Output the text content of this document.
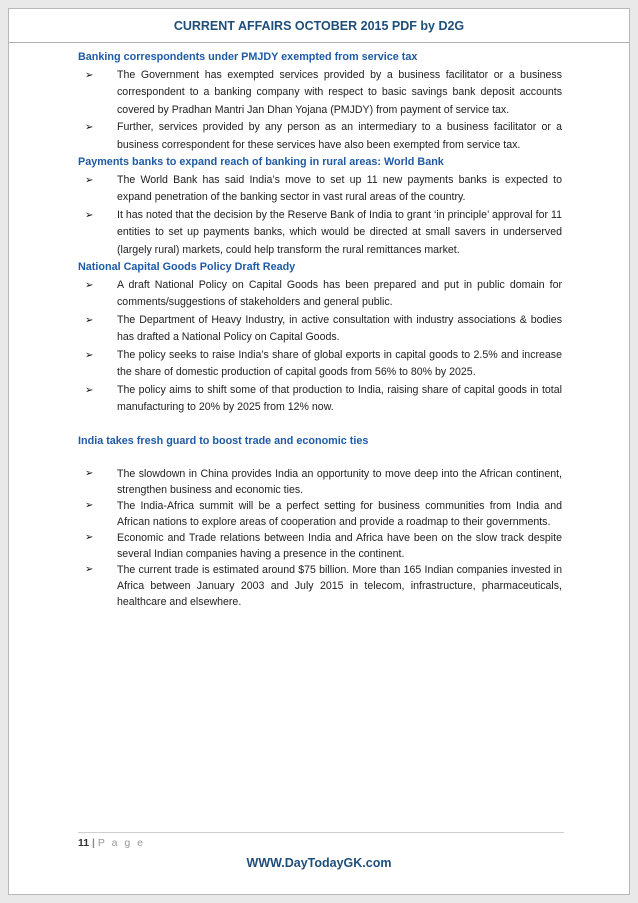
CURRENT AFFAIRS OCTOBER 2015 PDF by D2G
Banking correspondents under PMJDY exempted from service tax
➢ The Government has exempted services provided by a business facilitator or a business correspondent to a banking company with respect to basic savings bank deposit accounts covered by Pradhan Mantri Jan Dhan Yojana (PMJDY) from payment of service tax.
➢ Further, services provided by any person as an intermediary to a business facilitator or a business correspondent for these services have also been exempted from service tax.
Payments banks to expand reach of banking in rural areas: World Bank
➢ The World Bank has said India’s move to set up 11 new payments banks is expected to expand penetration of the banking sector in vast rural areas of the country.
➢ It has noted that the decision by the Reserve Bank of India to grant ‘in principle’ approval for 11 entities to set up payments banks, which would be directed at small savers in underserved (largely rural) markets, could help transform the rural remittances market.
National Capital Goods Policy Draft Ready
➢ A draft National Policy on Capital Goods has been prepared and put in public domain for comments/suggestions of stakeholders and general public.
➢ The Department of Heavy Industry, in active consultation with industry associations & bodies has drafted a National Policy on Capital Goods.
➢ The policy seeks to raise India’s share of global exports in capital goods to 2.5% and increase the share of domestic production of capital goods from 56% to 80% by 2025.
➢ The policy aims to shift some of that production to India, raising share of capital goods in total manufacturing to 20% by 2025 from 12% now.
India takes fresh guard to boost trade and economic ties
➢ The slowdown in China provides India an opportunity to move deep into the African continent, strengthen business and economic ties.
➢ The India-Africa summit will be a perfect setting for business communities from India and African nations to explore areas of cooperation and provide a roadmap to their governments.
➢ Economic and Trade relations between India and Africa have been on the slow track despite several Indian companies having a presence in the continent.
➢ The current trade is estimated around $75 billion. More than 165 Indian companies invested in Africa between January 2003 and July 2015 in telecom, infrastructure, pharmaceuticals, healthcare and elsewhere.
11 | P a g e
WWW.DayTodayGK.com
